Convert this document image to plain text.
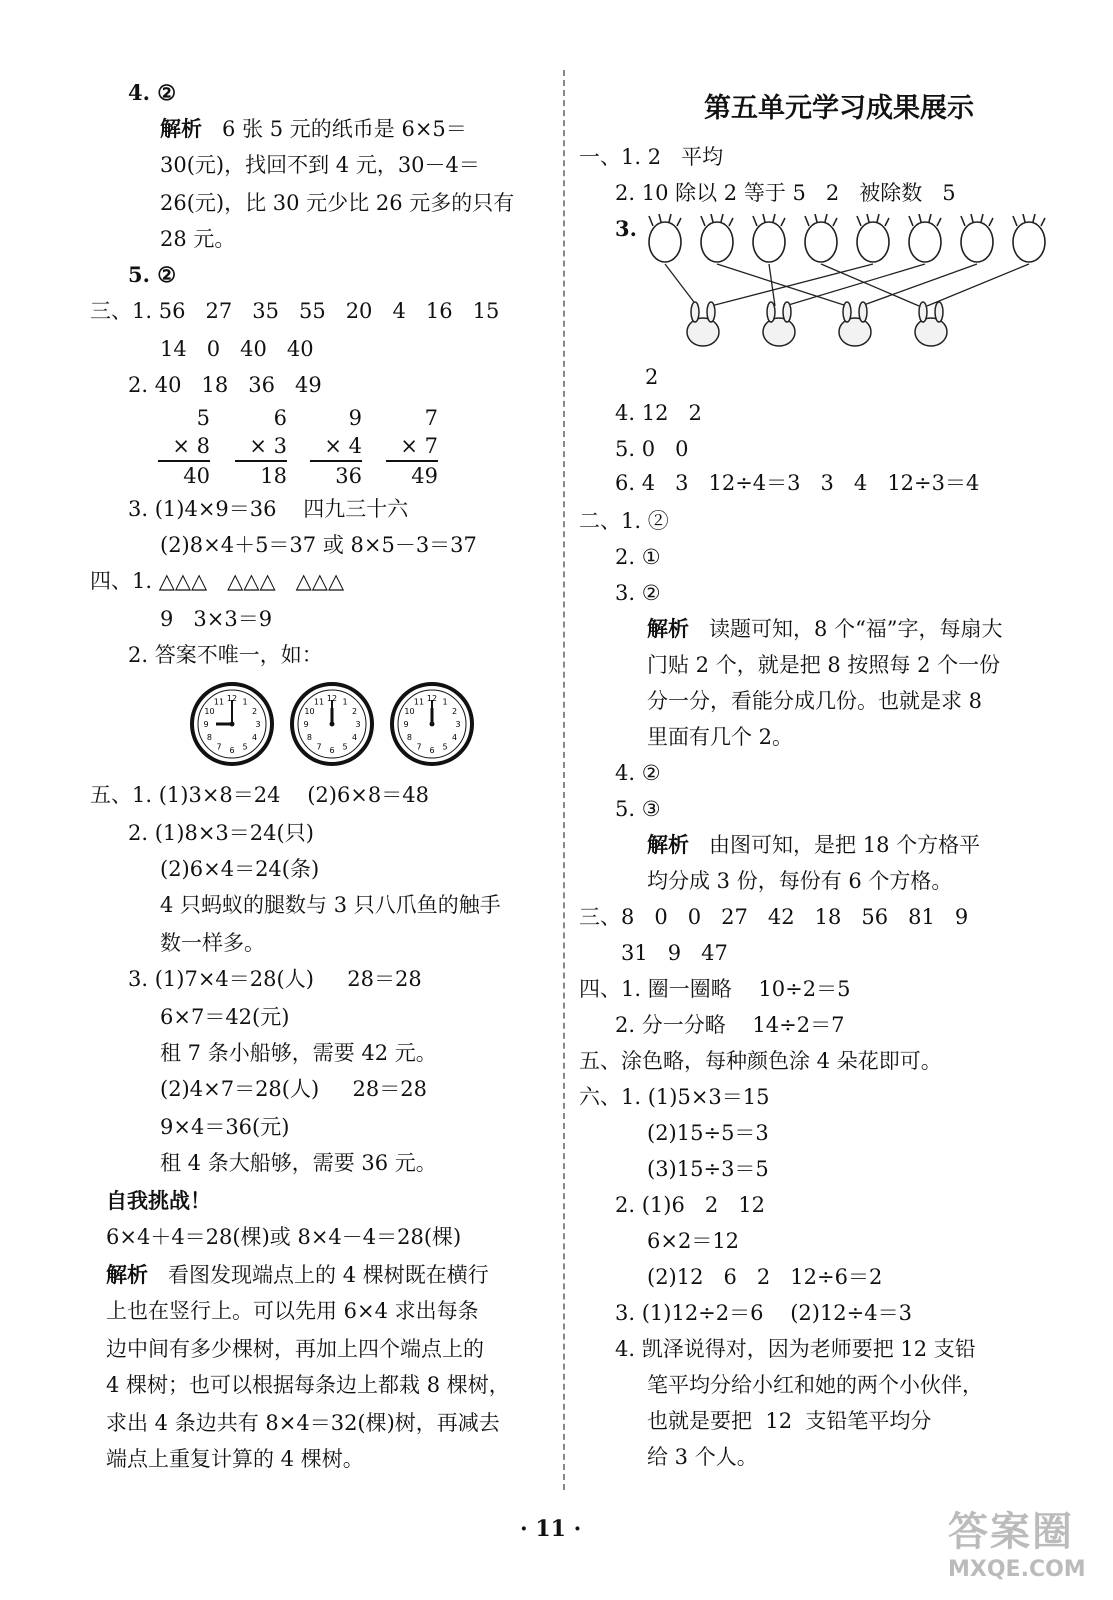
4. ②
解析 6 张 5 元的纸币是 6×5＝
30(元)，找回不到 4 元，30－4＝
26(元)，比 30 元少比 26 元多的只有
28 元。
5. ②
三、1. 56   27   35   55   20   4   16   15
14   0   40   40
2. 40   18   36   49
5
× 8
40
6
× 3
18
9
× 4
36
7
× 7
49
3. (1)4×9＝36    四九三十六
(2)8×4＋5＝37 或 8×5－3＝37
四、1. △△△   △△△   △△△
9   3×3＝9
2. 答案不唯一，如：
1
2
3
4
5
6
7
8
9
10
11 12	1
2
3
4
5
6
7
8
9
10
11 12	1
2
3
4
5
6
7
8
9
10
11 12
五、1. (1)3×8＝24    (2)6×8＝48
2. (1)8×3＝24(只)
(2)6×4＝24(条)
4 只蚂蚁的腿数与 3 只八爪鱼的触手
数一样多。
3. (1)7×4＝28(人)     28＝28
6×7＝42(元)
租 7 条小船够，需要 42 元。
(2)4×7＝28(人)     28＝28
9×4＝36(元)
租 4 条大船够，需要 36 元。
自我挑战！
6×4＋4＝28(棵)或 8×4－4＝28(棵)
解析 看图发现端点上的 4 棵树既在横行
上也在竖行上。可以先用 6×4 求出每条
边中间有多少棵树，再加上四个端点上的
4 棵树；也可以根据每条边上都栽 8 棵树，
求出 4 条边共有 8×4＝32(棵)树，再减去
端点上重复计算的 4 棵树。
第五单元学习成果展示
一、1. 2   平均
2. 10 除以 2 等于 5   2   被除数   5
3.
2
4. 12   2
5. 0   0
6. 4   3   12÷4＝3   3   4   12÷3＝4
二、1. ②
2. ①
3. ②
解析 读题可知，8 个“福”字，每扇大
门贴 2 个，就是把 8 按照每 2 个一份
分一分，看能分成几份。也就是求 8
里面有几个 2。
4. ②
5. ③
解析 由图可知，是把 18 个方格平
均分成 3 份，每份有 6 个方格。
三、8   0   0   27   42   18   56   81   9
31   9   47
四、1. 圈一圈略    10÷2＝5
2. 分一分略    14÷2＝7
五、涂色略，每种颜色涂 4 朵花即可。
六、1. (1)5×3＝15
(2)15÷5＝3
(3)15÷3＝5
2. (1)6   2   12
6×2＝12
(2)12   6   2   12÷6＝2
3. (1)12÷2＝6    (2)12÷4＝3
4. 凯泽说得对，因为老师要把 12 支铅
笔平均分给小红和她的两个小伙伴，
也就是要把  12  支铅笔平均分
给 3 个人。
· 11 ·	答案圈
MXQE.COM
